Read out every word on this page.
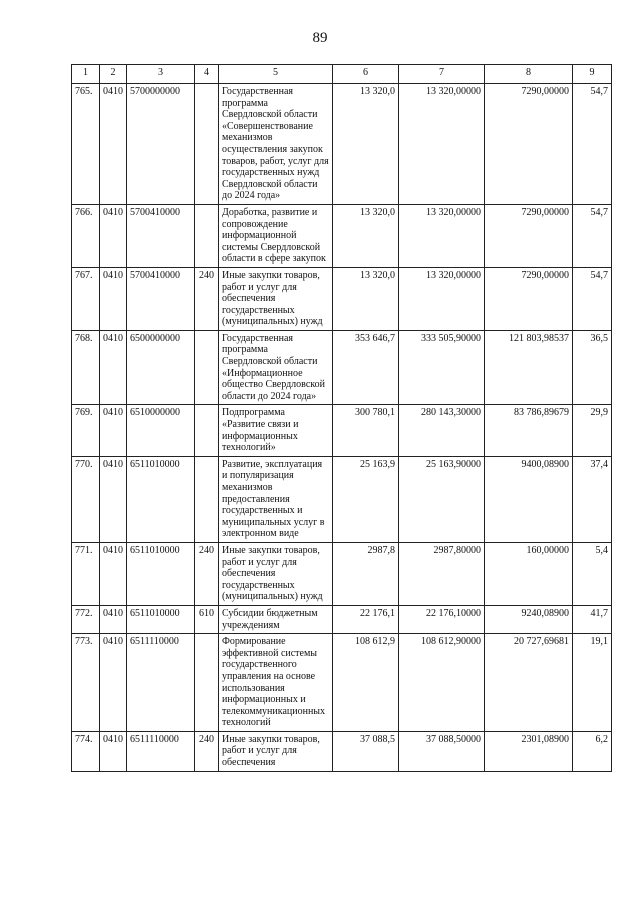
89
1	2	3	4	5	6	7	8	9
765.	0410	5700000000		Государственная программа Свердловской области «Совершенствование механизмов осуществления закупок товаров, работ, услуг для государственных нужд Свердловской области до 2024 года»	13 320,0	13 320,00000	7290,00000	54,7
766.	0410	5700410000		Доработка, развитие и сопровождение информационной системы Свердловской области в сфере закупок	13 320,0	13 320,00000	7290,00000	54,7
767.	0410	5700410000	240	Иные закупки товаров, работ и услуг для обеспечения государственных (муниципальных) нужд	13 320,0	13 320,00000	7290,00000	54,7
768.	0410	6500000000		Государственная программа Свердловской области «Информационное общество Свердловской области до 2024 года»	353 646,7	333 505,90000	121 803,98537	36,5
769.	0410	6510000000		Подпрограмма «Развитие связи и информационных технологий»	300 780,1	280 143,30000	83 786,89679	29,9
770.	0410	6511010000		Развитие, эксплуатация и популяризация механизмов предоставления государственных и муниципальных услуг в электронном виде	25 163,9	25 163,90000	9400,08900	37,4
771.	0410	6511010000	240	Иные закупки товаров, работ и услуг для обеспечения государственных (муниципальных) нужд	2987,8	2987,80000	160,00000	5,4
772.	0410	6511010000	610	Субсидии бюджетным учреждениям	22 176,1	22 176,10000	9240,08900	41,7
773.	0410	6511110000		Формирование эффективной системы государственного управления на основе использования информационных и телекоммуникационных технологий	108 612,9	108 612,90000	20 727,69681	19,1
774.	0410	6511110000	240	Иные закупки товаров, работ и услуг для обеспечения	37 088,5	37 088,50000	2301,08900	6,2
